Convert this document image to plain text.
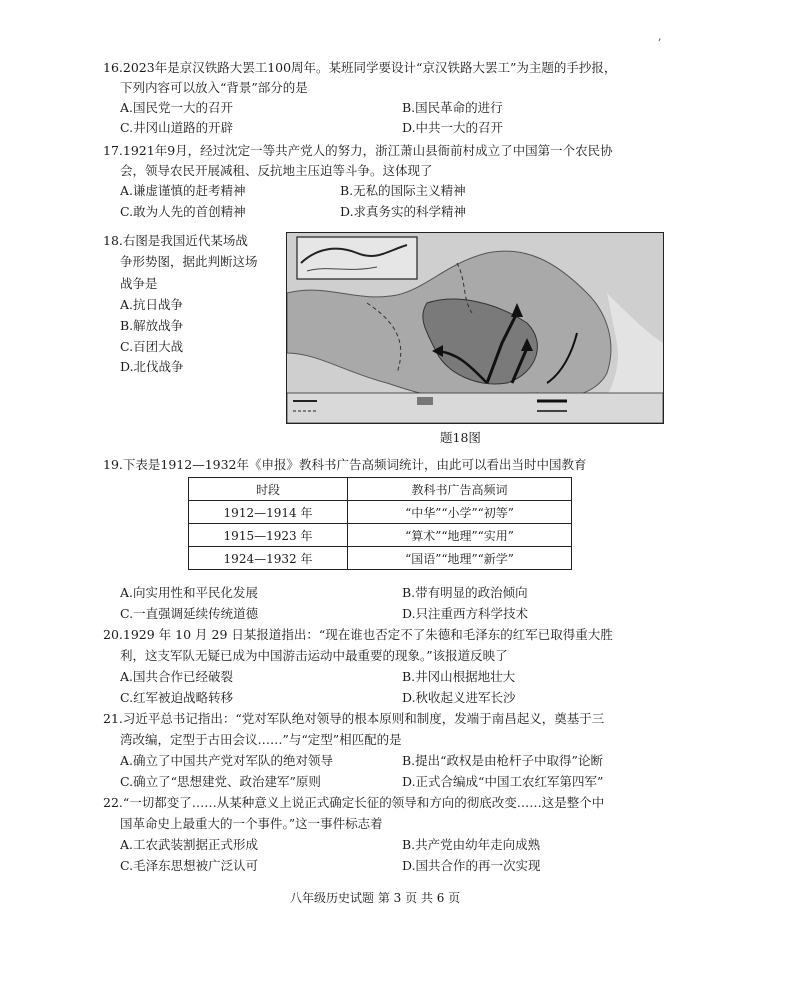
,
16.2023年是京汉铁路大罢工100周年。某班同学要设计“京汉铁路大罢工”为主题的手抄报，
下列内容可以放入“背景”部分的是
A.国民党一大的召开	B.国民革命的进行
C.井冈山道路的开辟	D.中共一大的召开
17.1921年9月，经过沈定一等共产党人的努力，浙江萧山县衙前村成立了中国第一个农民协
会，领导农民开展减租、反抗地主压迫等斗争。这体现了
A.谦虚谨慎的赶考精神	B.无私的国际主义精神
C.敢为人先的首创精神	D.求真务实的科学精神
18.右图是我国近代某场战
争形势图，据此判断这场
战争是
A.抗日战争
B.解放战争
C.百团大战
D.北伐战争
题18图
19.下表是1912—1932年《申报》教科书广告高频词统计，由此可以看出当时中国教育
时段	教科书广告高频词
1912—1914 年	“中华”“小学”“初等”
1915—1923 年	“算术”“地理”“实用”
1924—1932 年	“国语”“地理”“新学”
A.向实用性和平民化发展	B.带有明显的政治倾向
C.一直强调延续传统道德	D.只注重西方科学技术
20.1929 年 10 月 29 日某报道指出：“现在谁也否定不了朱德和毛泽东的红军已取得重大胜
利，这支军队无疑已成为中国游击运动中最重要的现象。”该报道反映了
A.国共合作已经破裂	B.井冈山根据地壮大
C.红军被迫战略转移	D.秋收起义进军长沙
21.习近平总书记指出：“党对军队绝对领导的根本原则和制度，发端于南昌起义，奠基于三
湾改编，定型于古田会议……”与“定型”相匹配的是
A.确立了中国共产党对军队的绝对领导	B.提出“政权是由枪杆子中取得”论断
C.确立了“思想建党、政治建军”原则	D.正式合编成“中国工农红军第四军”
22.“一切都变了……从某种意义上说正式确定长征的领导和方向的彻底改变……这是整个中
国革命史上最重大的一个事件。”这一事件标志着
A.工农武装割据正式形成	B.共产党由幼年走向成熟
C.毛泽东思想被广泛认可	D.国共合作的再一次实现
八年级历史试题 第 3 页 共 6 页
